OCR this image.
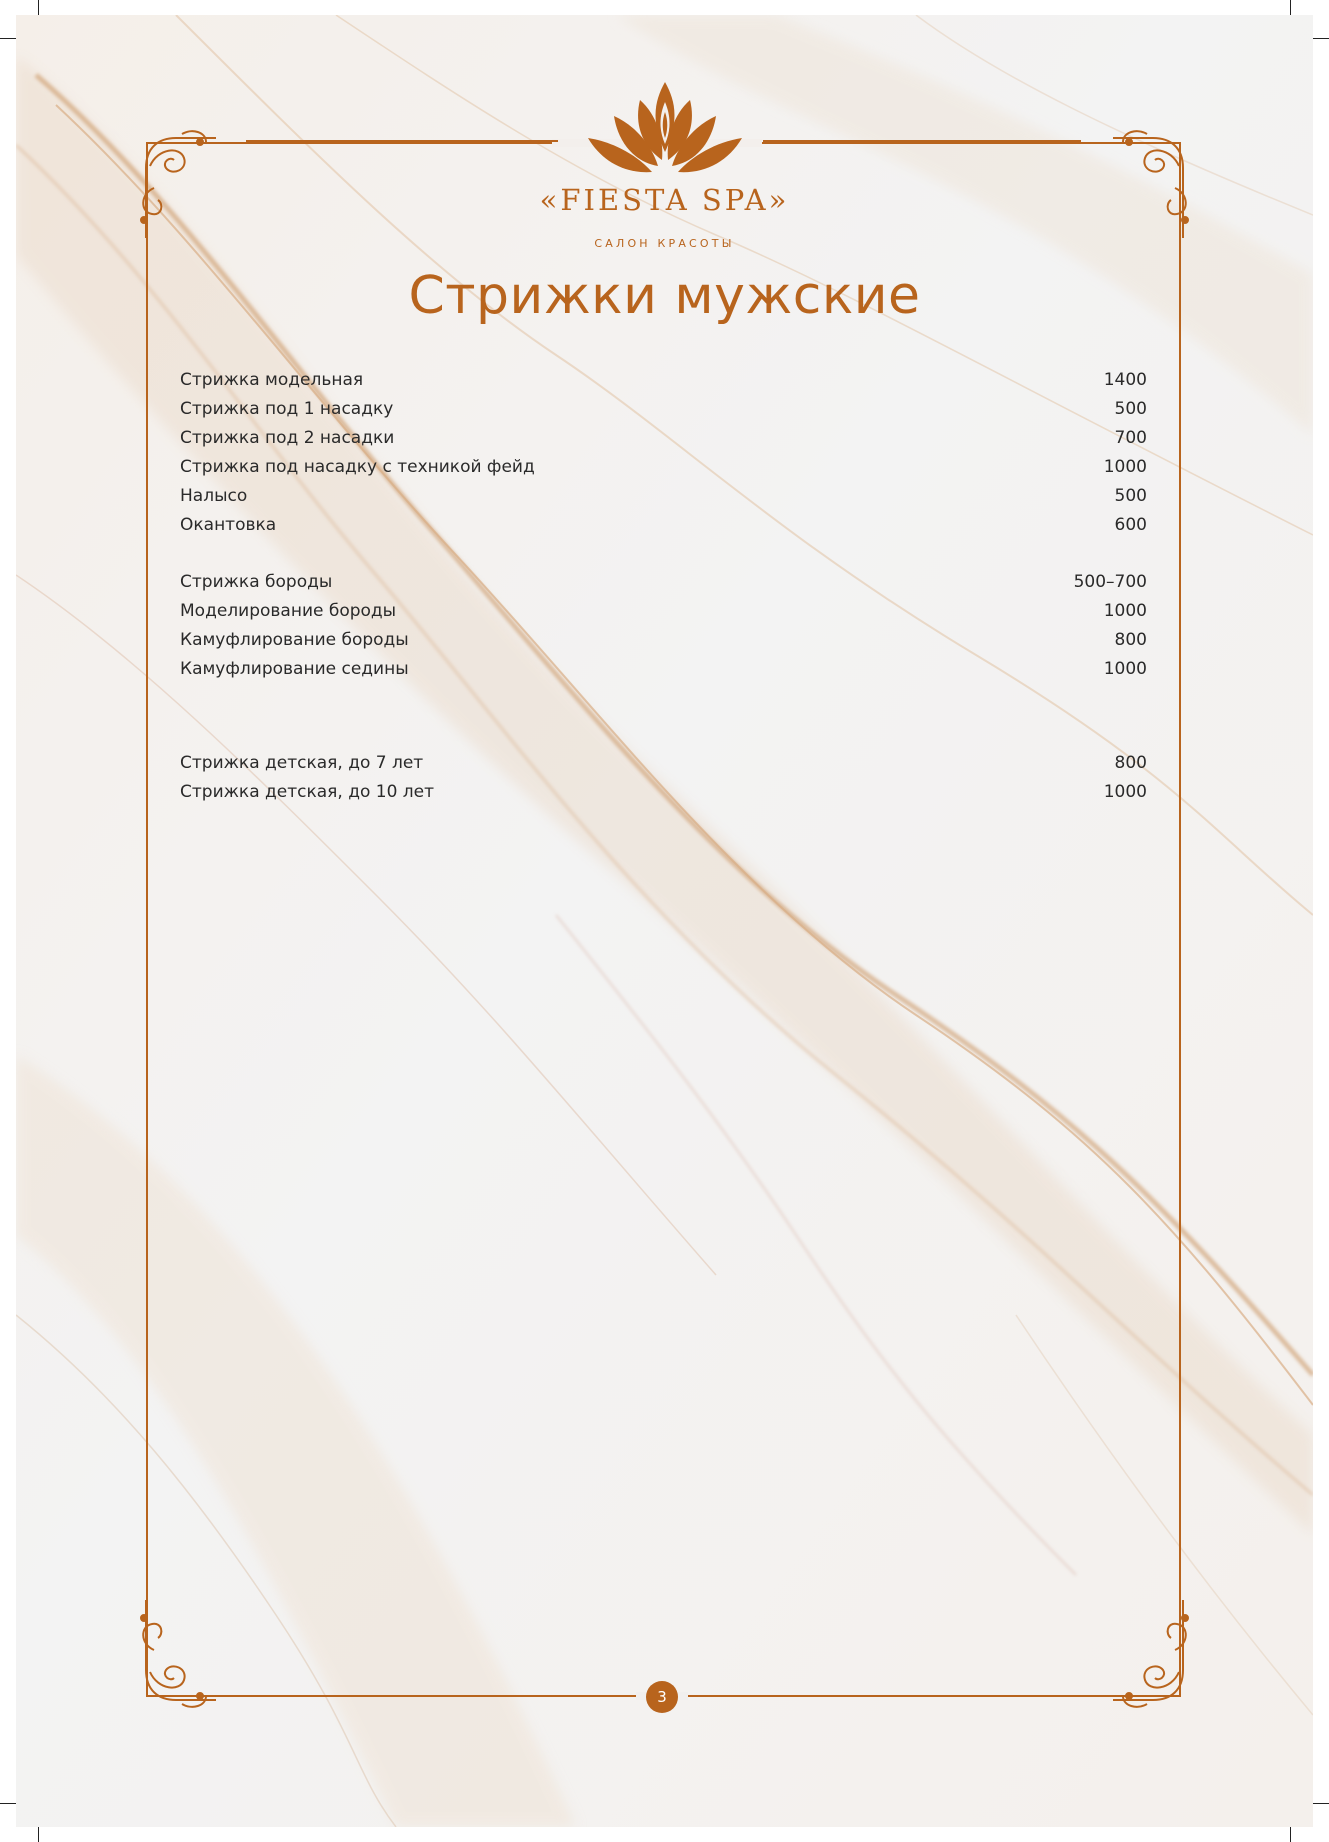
«FIESTA SPA»
САЛОН КРАСОТЫ
Стрижки мужские
Стрижка модельная	1400
Стрижка под 1 насадку	500
Стрижка под 2 насадки	700
Стрижка под насадку с техникой фейд	1000
Налысо	500
Окантовка	600
Стрижка бороды	500–700
Моделирование бороды	1000
Камуфлирование бороды	800
Камуфлирование седины	1000
Стрижка детская, до 7 лет	800
Стрижка детская, до 10 лет	1000
3
